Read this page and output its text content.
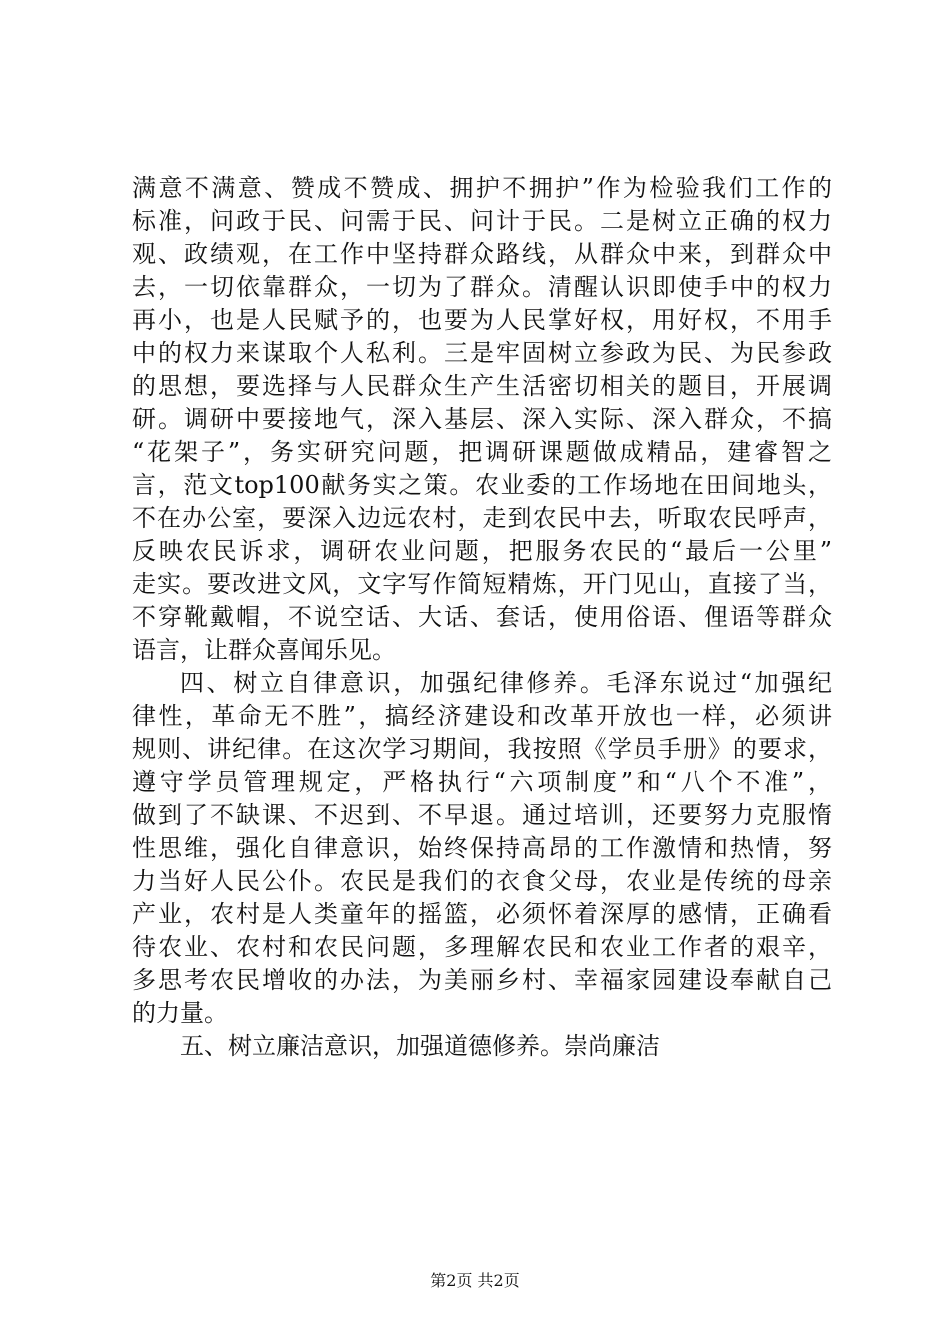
满意不满意、赞成不赞成、拥护不拥护”作为检验我们工作的
标准，问政于民、问需于民、问计于民。二是树立正确的权力
观、政绩观，在工作中坚持群众路线，从群众中来，到群众中
去，一切依靠群众，一切为了群众。清醒认识即使手中的权力
再小，也是人民赋予的，也要为人民掌好权，用好权，不用手
中的权力来谋取个人私利。三是牢固树立参政为民、为民参政
的思想，要选择与人民群众生产生活密切相关的题目，开展调
研。调研中要接地气，深入基层、深入实际、深入群众，不搞
“花架子”，务实研究问题，把调研课题做成精品，建睿智之
言，范文top100献务实之策。农业委的工作场地在田间地头，
不在办公室，要深入边远农村，走到农民中去，听取农民呼声，
反映农民诉求，调研农业问题，把服务农民的“最后一公里”
走实。要改进文风，文字写作简短精炼，开门见山，直接了当，
不穿靴戴帽，不说空话、大话、套话，使用俗语、俚语等群众
语言，让群众喜闻乐见。
四、树立自律意识，加强纪律修养。毛泽东说过“加强纪
律性，革命无不胜”，搞经济建设和改革开放也一样，必须讲
规则、讲纪律。在这次学习期间，我按照《学员手册》的要求，
遵守学员管理规定，严格执行“六项制度”和“八个不准”，
做到了不缺课、不迟到、不早退。通过培训，还要努力克服惰
性思维，强化自律意识，始终保持高昂的工作激情和热情，努
力当好人民公仆。农民是我们的衣食父母，农业是传统的母亲
产业，农村是人类童年的摇篮，必须怀着深厚的感情，正确看
待农业、农村和农民问题，多理解农民和农业工作者的艰辛，
多思考农民增收的办法，为美丽乡村、幸福家园建设奉献自己
的力量。
五、树立廉洁意识，加强道德修养。崇尚廉洁
第2页 共2页
